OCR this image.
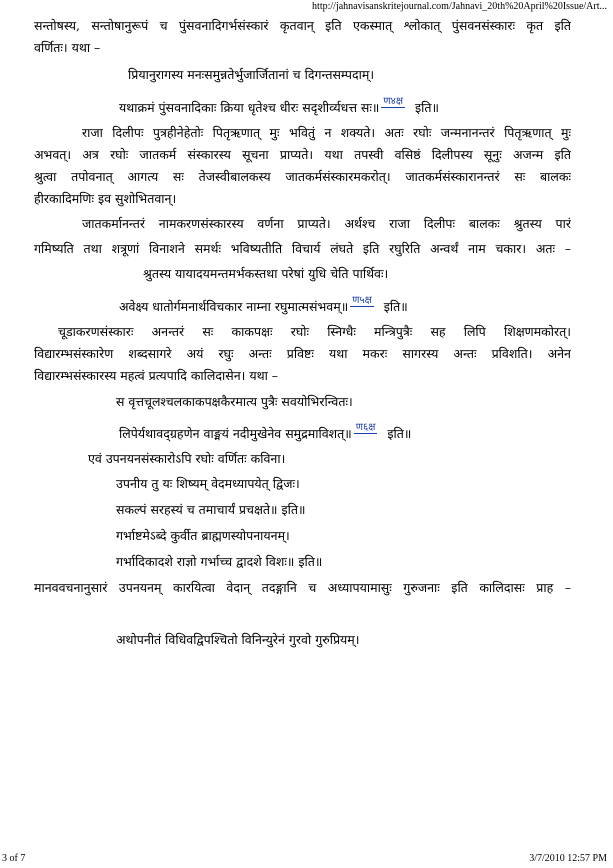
http://jahnavisanskritejournal.com/Jahnavi_20th%20April%20Issue/Art...
सन्तोषस्य, सन्तोषानुरूपं च पुंसवनादिगर्भसंस्कारं कृतवान् इति एकस्मात् श्लोकात् पुंसवनसंस्कारः कृत इति
वर्णितः। यथा –
प्रियानुरागस्य मनःसमुन्नतेर्भुजार्जितानां च दिगन्तसम्पदाम्।
यथाक्रमं पुंसवनादिकाः क्रिया धृतेश्च धीरः सदृशीर्व्यधत्त सः॥ ण४क्ष इति॥
राजा दिलीपः पुत्रहीनेहेतोः पितृऋणात् मुः भवितुं न शक्यते। अतः रघोः जन्मनानन्तरं पितृऋणात् मुः
अभवत्। अत्र रघोः जातकर्म संस्कारस्य सूचना प्राप्यते। यथा तपस्वी वसिष्ठं दिलीपस्य सूनुः अजन्म इति
श्रुत्वा तपोवनात् आगत्य सः तेजस्वीबालकस्य जातकर्मसंस्कारमकरोत्। जातकर्मसंस्कारानन्तरं सः बालकः
हीरकादिमणिः इव सुशोभितवान्।
जातकर्मानन्तरं नामकरणसंस्कारस्य वर्णना प्राप्यते। अर्थश्च राजा दिलीपः बालकः श्रुतस्य पारं
गमिष्यति तथा शत्रूणां विनाशने समर्थः भविष्यतीति विचार्य लंघते इति रघुरिति अन्वर्थं नाम चकार। अतः –
श्रुतस्य यायादयमन्तमर्भकस्तथा परेषां युधि चेति पार्थिवः।
अवेक्ष्य धातोर्गमनार्थविचकार नाम्ना रघुमात्मसंभवम्॥ ण५क्ष इति॥
चूडाकरणसंस्कारः अनन्तरं सः काकपक्षः रघोः स्निग्धैः मन्त्रिपुत्रैः सह लिपि शिक्षणमकोरत्।
विद्यारम्भसंस्कारेण शब्दसागरे अयं रघुः अन्तः प्रविष्टः यथा मकरः सागरस्य अन्तः प्रविशति। अनेन
विद्यारम्भसंस्कारस्य महत्वं प्रत्यपादि कालिदासेन। यथा –
स वृत्तचूलश्चलकाकपक्षकैरमात्य पुत्रैः सवयोभिरन्वितः।
लिपेर्यथावद्ग्रहणेन वाङ्मयं नदीमुखेनेव समुद्रमाविशत्॥ ण६क्ष इति॥
एवं उपनयनसंस्कारोऽपि रघोः वर्णितः कविना।
उपनीय तु यः शिष्यम् वेदमध्यापयेत् द्विजः।
सकल्पं सरहस्यं च तमाचार्यं प्रचक्षते॥ इति॥
गर्भाष्टमेऽब्दे कुर्वीत ब्राह्मणस्योपनायनम्।
गर्भादिकादशे राज्ञो गर्भाच्च द्वादशे विशः॥ इति॥
मानववचनानुसारं उपनयनम् कारयित्वा वेदान् तदङ्गानि च अध्यापयामासुः गुरुजनाः इति कालिदासः प्राह –
अथोपनीतं विधिवद्विपश्चितो विनिन्युरेनं गुरवो गुरुप्रियम्।
3 of 7	3/7/2010 12:57 PM
